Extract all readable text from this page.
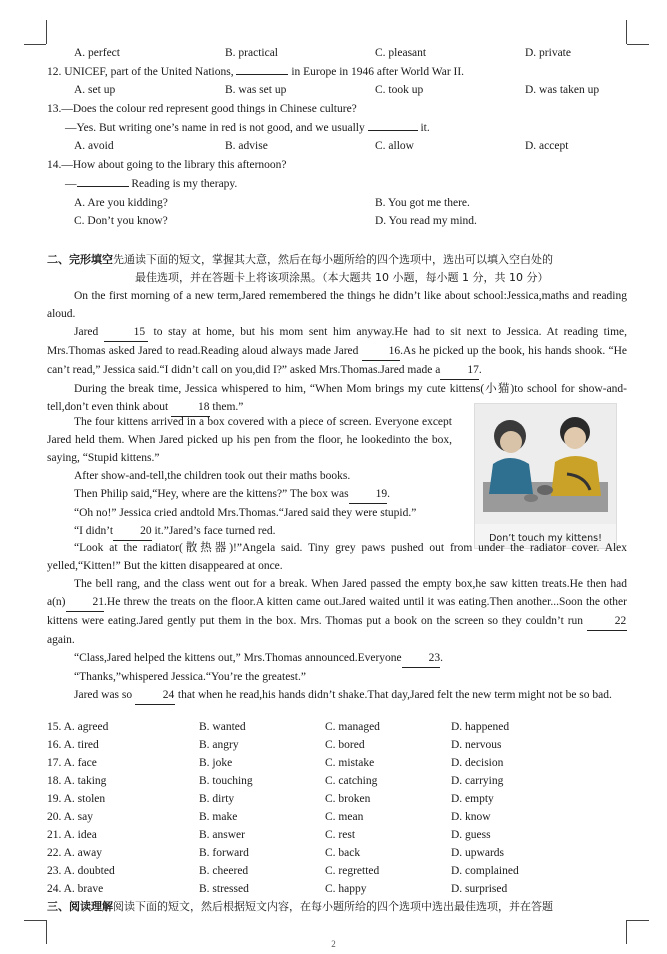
A. perfect	B. practical	C. pleasant	D. private
12. UNICEF, part of the United Nations,	in Europe in 1946 after World War II.
A. set up	B. was set up	C. took up	D. was taken up
13.—Does the colour red represent good things in Chinese culture?
—Yes. But writing one’s name in red is not good, and we usually	it.
A. avoid	B. advise	C. allow	D. accept
14.—How about going to the library this afternoon?
—	Reading is my therapy.
A. Are you kidding?	B. You got me there.
C. Don’t you know?	D. You read my mind.
二、完形填空先通读下面的短文，掌握其大意，然后在每小题所给的四个选项中，选出可以填入空白处的
最佳选项，并在答题卡上将该项涂黑。（本大题共 10 小题，每小题 1 分，共 10 分）

On the first morning of a new term,Jared remembered the things he didn’t like about school:Jessica,maths and reading aloud.

Jared	15 to stay at home, but his mom sent him anyway.He had to sit next to Jessica. At reading time, Mrs.Thomas asked Jared to read.Reading aloud always made Jared 16.As he picked up the book, his hands shook. “He can’t read,” Jessica said.“I didn’t call on you,did I?” asked Mrs.Thomas.Jared made a 17.

During the break time, Jessica whispered to him, “When Mom brings my cute kittens(小猫)to school for show-and-tell,don’t even think about 18 them.”

Don’t touch my kittens!

The four kittens arrived in a box covered with a piece of screen. Everyone except Jared held them. When Jared picked up his pen from the floor, he lookedinto the box, saying, “Stupid kittens.”

After show-and-tell,the children took out their maths books.

Then Philip said,“Hey, where are the kittens?” The box was 19.

“Oh no!” Jessica cried andtold Mrs.Thomas.“Jared said they were stupid.”

“I didn’t 20 it.”Jared’s face turned red.

“Look at the radiator(散热器)!”Angela said. Tiny grey paws pushed out from under the radiator cover. Alex yelled,“Kitten!” But the kitten disappeared at once.

The bell rang, and the class went out for a break. When Jared passed the empty box,he saw kitten treats.He then had a(n) 21.He threw the treats on the floor.A kitten came out.Jared waited until it was eating.Then another...Soon the other kittens were eating.Jared gently put them in the box. Mrs. Thomas put a book on the screen so they couldn’t run 22 again.

“Class,Jared helped the kittens out,” Mrs.Thomas announced.Everyone 23.

“Thanks,”whispered Jessica.“You’re the greatest.”

Jared was so 24 that when he read,his hands didn’t shake.That day,Jared felt the new term might not be so bad.

15. A. agreed	B. wanted	C. managed	D. happened
16. A. tired	B. angry	C. bored	D. nervous
17. A. face	B. joke	C. mistake	D. decision
18. A. taking	B. touching	C. catching	D. carrying
19. A. stolen	B. dirty	C. broken	D. empty
20. A. say	B. make	C. mean	D. know
21. A. idea	B. answer	C. rest	D. guess
22. A. away	B. forward	C. back	D. upwards
23. A. doubted	B. cheered	C. regretted	D. complained
24. A. brave	B. stressed	C. happy	D. surprised
三、阅读理解阅读下面的短文，然后根据短文内容，在每小题所给的四个选项中选出最佳选项，并在答题
2
